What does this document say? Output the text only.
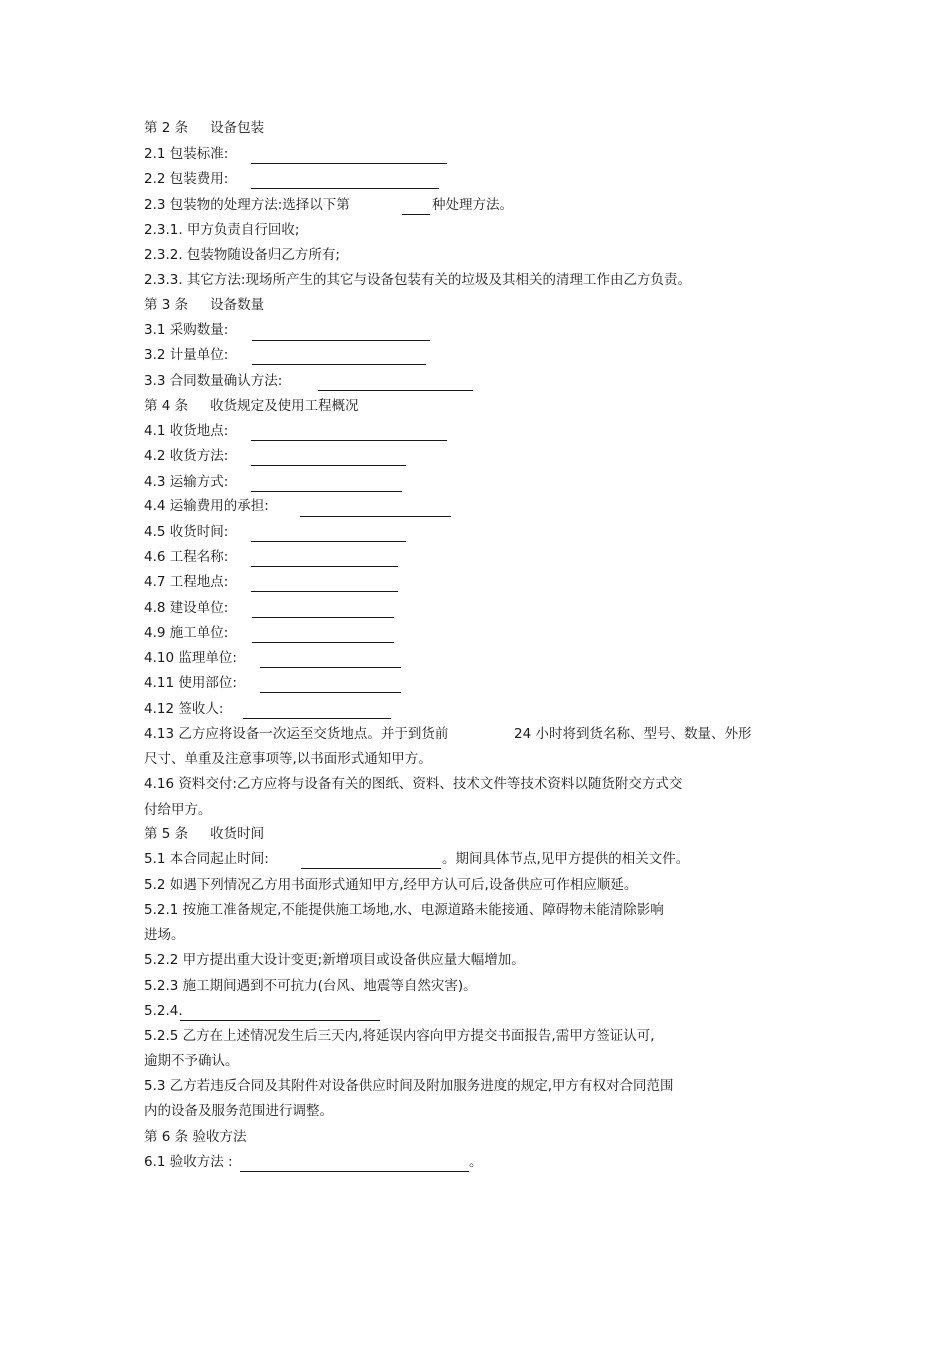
第 2 条 设备包装
2.1 包装标准:
2.2 包装费用:
2.3 包装物的处理方法:选择以下第	种处理方法。
2.3.1. 甲方负责自行回收;
2.3.2. 包装物随设备归乙方所有;
2.3.3. 其它方法:现场所产生的其它与设备包装有关的垃圾及其相关的清理工作由乙方负责。
第 3 条 设备数量
3.1 采购数量:
3.2 计量单位:
3.3 合同数量确认方法:
第 4 条 收货规定及使用工程概况
4.1 收货地点:
4.2 收货方法:
4.3 运输方式:
4.4 运输费用的承担:
4.5 收货时间:
4.6 工程名称:
4.7 工程地点:
4.8 建设单位:
4.9 施工单位:
4.10 监理单位:
4.11 使用部位:
4.12 签收人:
4.13 乙方应将设备一次运至交货地点。并于到货前	24 小时将到货名称、型号、数量、外形
尺寸、单重及注意事项等,以书面形式通知甲方。
4.16 资料交付:乙方应将与设备有关的图纸、资料、技术文件等技术资料以随货附交方式交
付给甲方。
第 5 条 收货时间
5.1 本合同起止时间:	。期间具体节点,见甲方提供的相关文件。
5.2 如遇下列情况乙方用书面形式通知甲方,经甲方认可后,设备供应可作相应顺延。
5.2.1 按施工准备规定,不能提供施工场地,水、电源道路未能接通、障碍物未能清除影响
进场。
5.2.2 甲方提出重大设计变更;新增项目或设备供应量大幅增加。
5.2.3 施工期间遇到不可抗力(台风、地震等自然灾害)。
5.2.4.
5.2.5 乙方在上述情况发生后三天内,将延误内容向甲方提交书面报告,需甲方签证认可,
逾期不予确认。
5.3 乙方若违反合同及其附件对设备供应时间及附加服务进度的规定,甲方有权对合同范围
内的设备及服务范围进行调整。
第 6 条 验收方法
6.1 验收方法 :	。
